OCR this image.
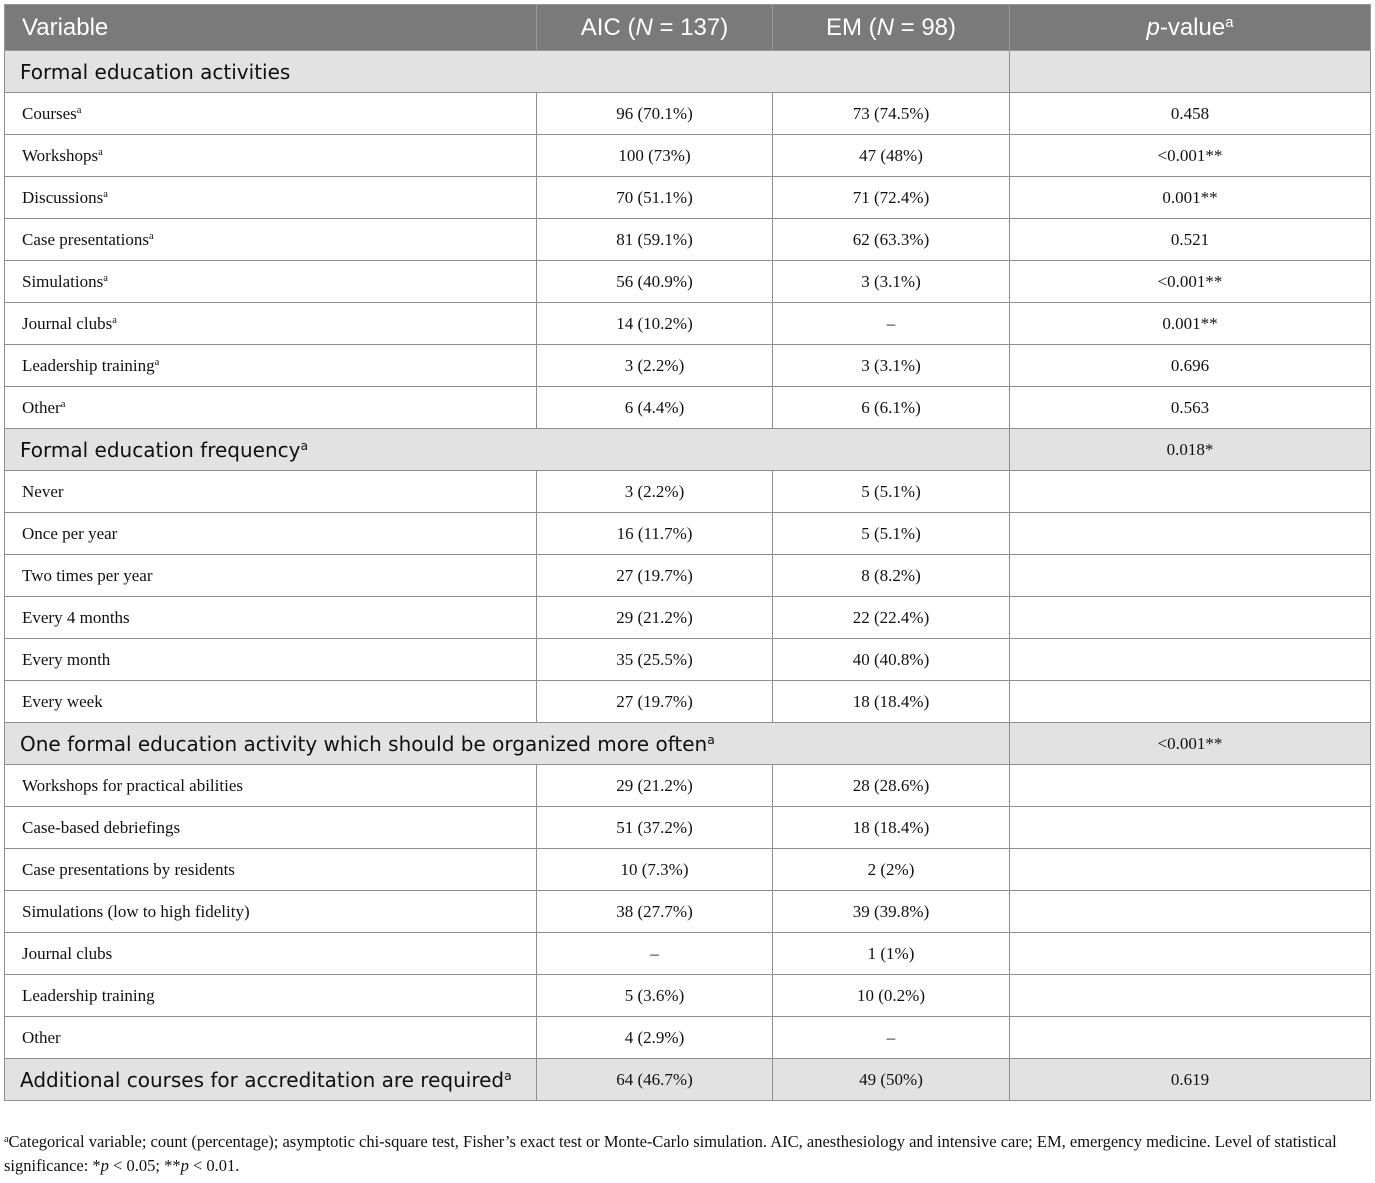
Variable	AIC (N = 137)	EM (N = 98)	p-value$^a$
Formal education activities			
Courses$^a$	96 (70.1%)	73 (74.5%)	0.458
Workshops$^a$	100 (73%)	47 (48%)	<0.001**
Discussions$^a$	70 (51.1%)	71 (72.4%)	0.001**
Case presentations$^a$	81 (59.1%)	62 (63.3%)	0.521
Simulations$^a$	56 (40.9%)	3 (3.1%)	<0.001**
Journal clubs$^a$	14 (10.2%)	–	0.001**
Leadership training$^a$	3 (2.2%)	3 (3.1%)	0.696
Other$^a$	6 (4.4%)	6 (6.1%)	0.563
Formal education frequency$^a$			0.018*
Never	3 (2.2%)	5 (5.1%)	
Once per year	16 (11.7%)	5 (5.1%)	
Two times per year	27 (19.7%)	8 (8.2%)	
Every 4 months	29 (21.2%)	22 (22.4%)	
Every month	35 (25.5%)	40 (40.8%)	
Every week	27 (19.7%)	18 (18.4%)	
One formal education activity which should be organized more often$^a$			<0.001**
Workshops for practical abilities	29 (21.2%)	28 (28.6%)	
Case-based debriefings	51 (37.2%)	18 (18.4%)	
Case presentations by residents	10 (7.3%)	2 (2%)	
Simulations (low to high fidelity)	38 (27.7%)	39 (39.8%)	
Journal clubs	–	1 (1%)	
Leadership training	5 (3.6%)	10 (0.2%)	
Other	4 (2.9%)	–	
Additional courses for accreditation are required$^a$	64 (46.7%)	49 (50%)	0.619
$^a$Categorical variable; count (percentage); asymptotic chi-square test, Fisher’s exact test or Monte-Carlo simulation. AIC, anesthesiology and intensive care; EM, emergency medicine. Level of statistical significance: *p < 0.05; **p < 0.01.
